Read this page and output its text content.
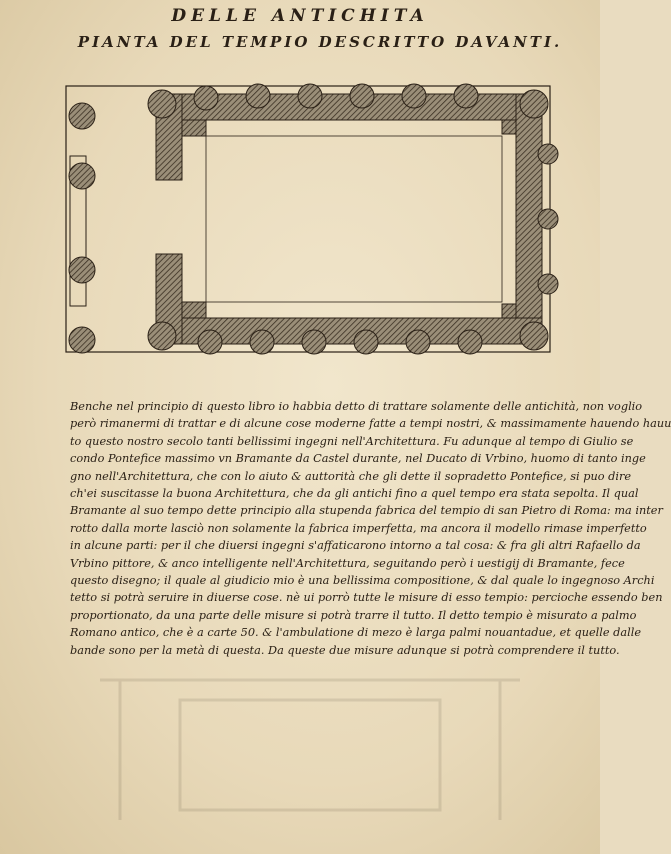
DELLE ANTICHITA
PIANTA DEL TEMPIO DESCRITTO DAVANTI.
Benche nel principio di questo libro io habbia detto di trattare solamente delle antichità, non voglio
però rimanermi di trattar e di alcune cose moderne fatte a tempi nostri, & massimamente hauendo hauu
to questo nostro secolo tanti bellissimi ingegni nell'Architettura. Fu adunque al tempo di Giulio se
condo Pontefice massimo vn Bramante da Castel durante, nel Ducato di Vrbino, huomo di tanto inge
gno nell'Architettura, che con lo aiuto & auttorità che gli dette il sopradetto Pontefice, si puo dire
ch'ei suscitasse la buona Architettura, che da gli antichi fino a quel tempo era stata sepolta. Il qual
Bramante al suo tempo dette principio alla stupenda fabrica del tempio di san Pietro di Roma: ma inter
rotto dalla morte lasciò non solamente la fabrica imperfetta, ma ancora il modello rimase imperfetto
in alcune parti: per il che diuersi ingegni s'affaticarono intorno a tal cosa: & fra gli altri Rafaello da
Vrbino pittore, & anco intelligente nell'Architettura, seguitando però i uestigij di Bramante, fece
questo disegno; il quale al giudicio mio è una bellissima compositione, & dal quale lo ingegnoso Archi
tetto si potrà seruire in diuerse cose. nè ui porrò tutte le misure di esso tempio: percioche essendo ben
proportionato, da una parte delle misure si potrà trarre il tutto. Il detto tempio è misurato a palmo
Romano antico, che è a carte 50. & l'ambulatione di mezo è larga palmi nouantadue, et quelle dalle
bande sono per la metà di questa. Da queste due misure adunque si potrà comprendere il tutto.
